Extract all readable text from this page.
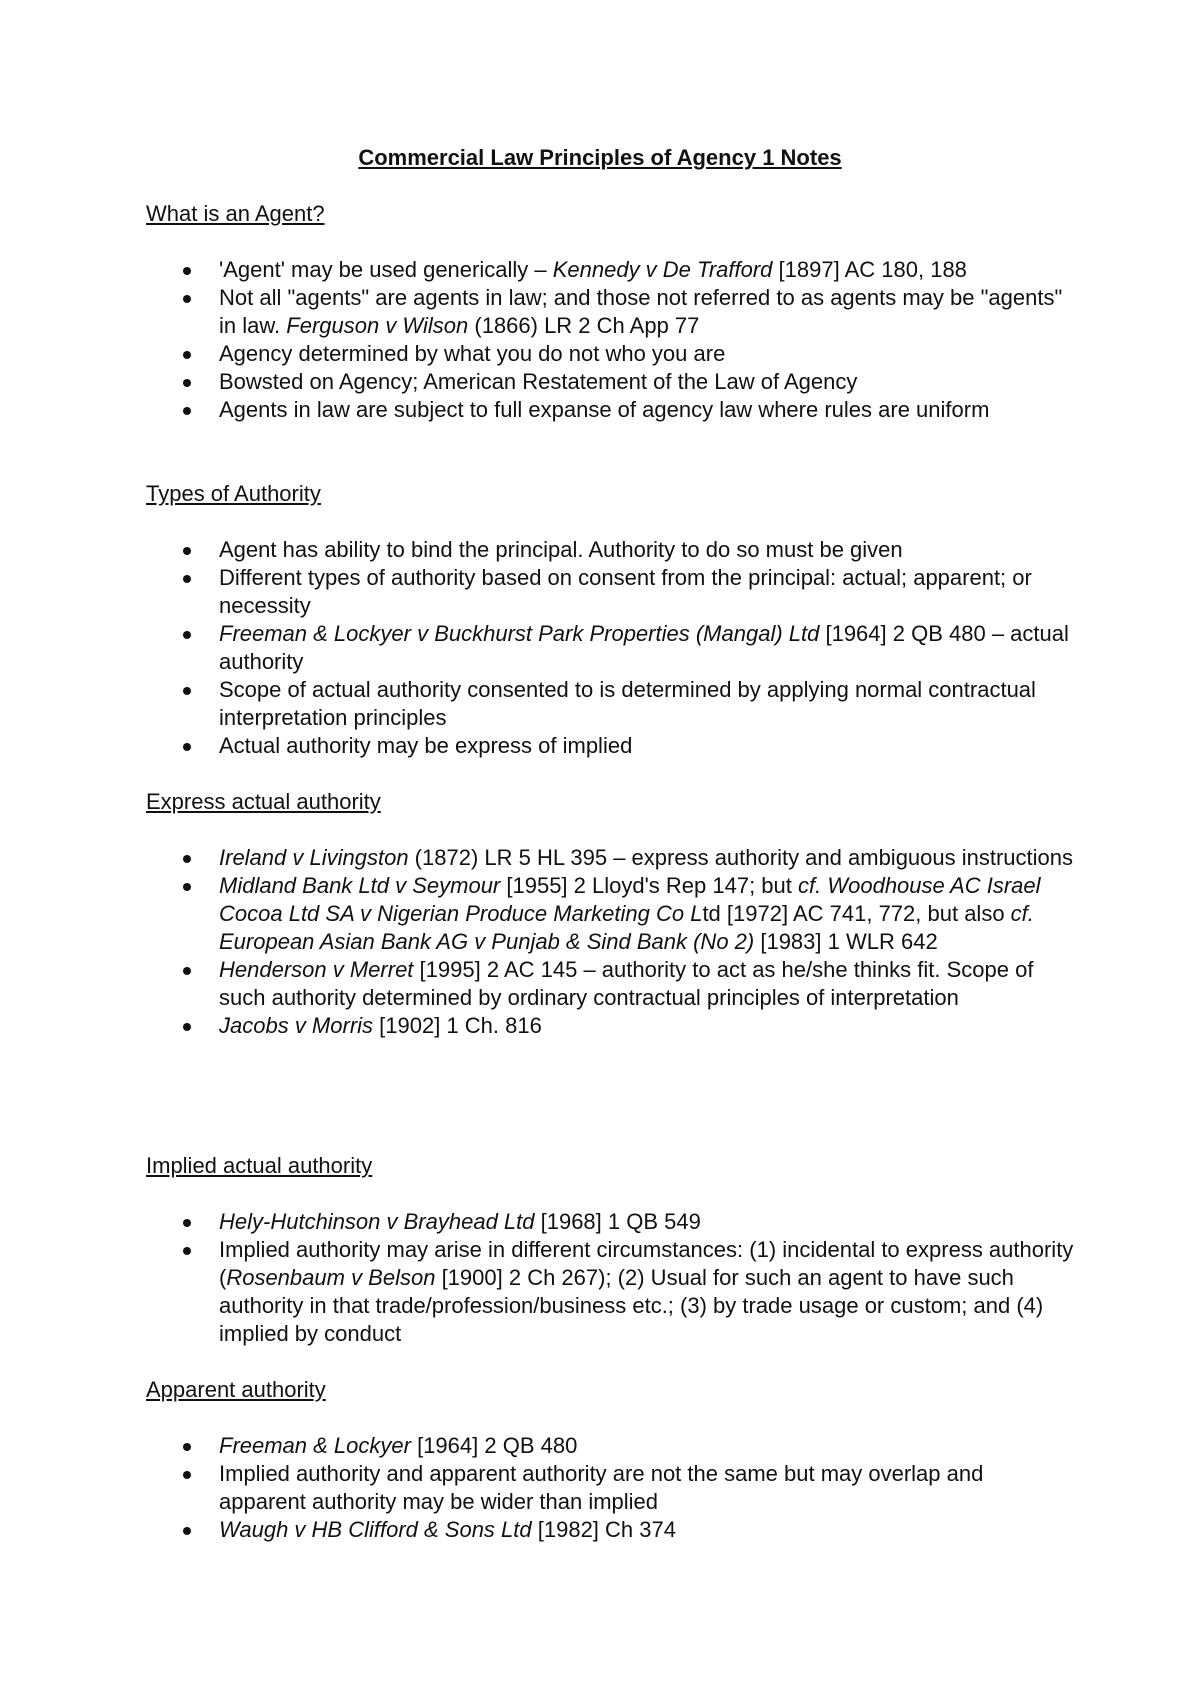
Commercial Law Principles of Agency 1 Notes
What is an Agent?
'Agent' may be used generically – Kennedy v De Trafford [1897] AC 180, 188
Not all "agents" are agents in law; and those not referred to as agents may be "agents" in law. Ferguson v Wilson (1866) LR 2 Ch App 77
Agency determined by what you do not who you are
Bowsted on Agency; American Restatement of the Law of Agency
Agents in law are subject to full expanse of agency law where rules are uniform
Types of Authority
Agent has ability to bind the principal. Authority to do so must be given
Different types of authority based on consent from the principal: actual; apparent; or necessity
Freeman & Lockyer v Buckhurst Park Properties (Mangal) Ltd [1964] 2 QB 480 – actual authority
Scope of actual authority consented to is determined by applying normal contractual interpretation principles
Actual authority may be express of implied
Express actual authority
Ireland v Livingston (1872) LR 5 HL 395 – express authority and ambiguous instructions
Midland Bank Ltd v Seymour [1955] 2 Lloyd's Rep 147; but cf. Woodhouse AC Israel Cocoa Ltd SA v Nigerian Produce Marketing Co Ltd [1972] AC 741, 772, but also cf. European Asian Bank AG v Punjab & Sind Bank (No 2) [1983] 1 WLR 642
Henderson v Merret [1995] 2 AC 145 – authority to act as he/she thinks fit. Scope of such authority determined by ordinary contractual principles of interpretation
Jacobs v Morris [1902] 1 Ch. 816
Implied actual authority
Hely-Hutchinson v Brayhead Ltd [1968] 1 QB 549
Implied authority may arise in different circumstances: (1) incidental to express authority (Rosenbaum v Belson [1900] 2 Ch 267); (2) Usual for such an agent to have such authority in that trade/profession/business etc.; (3) by trade usage or custom; and (4) implied by conduct
Apparent authority
Freeman & Lockyer [1964] 2 QB 480
Implied authority and apparent authority are not the same but may overlap and apparent authority may be wider than implied
Waugh v HB Clifford & Sons Ltd [1982] Ch 374
